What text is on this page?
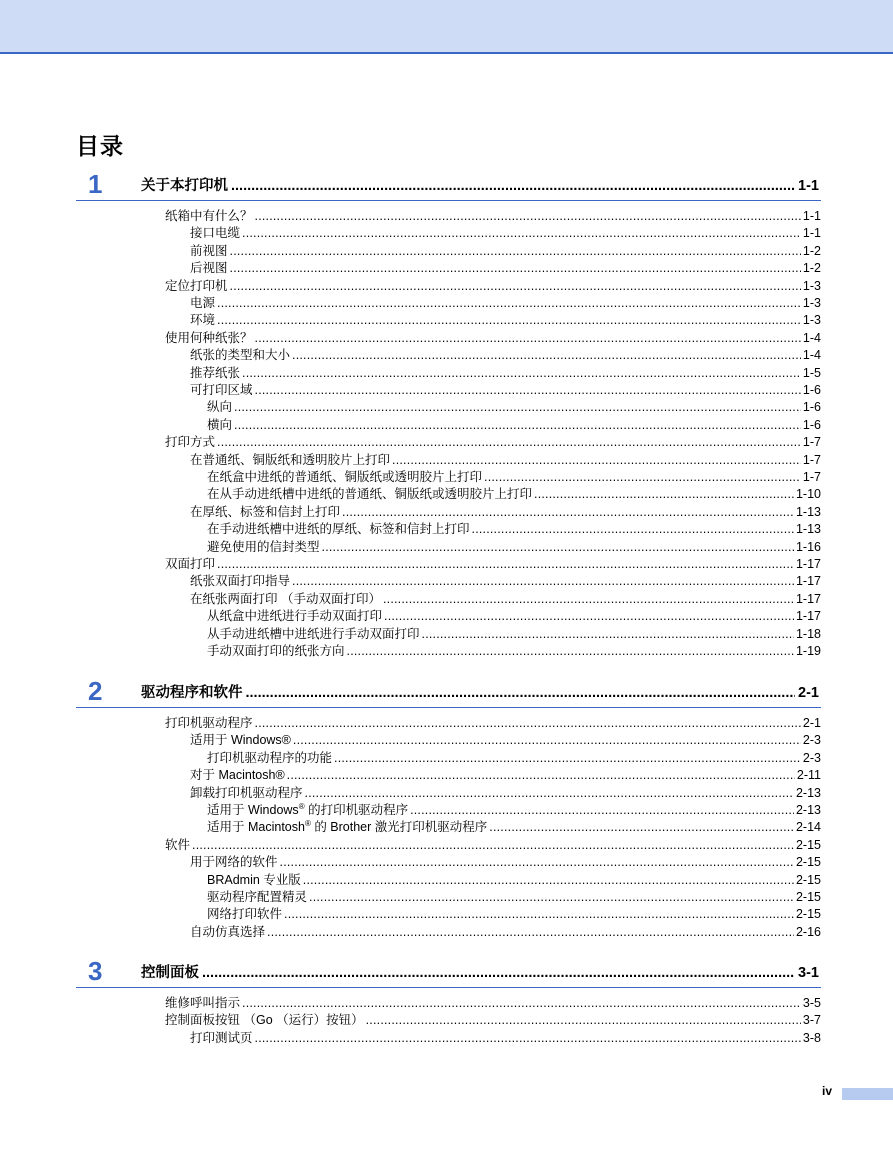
目录
1	关于本打印机 .....	1-1
纸箱中有什么？ .....	1-1
接口电缆 .....	1-1
前视图 .....	1-2
后视图 .....	1-2
定位打印机 .....	1-3
电源 .....	1-3
环境 .....	1-3
使用何种纸张？ .....	1-4
纸张的类型和大小 .....	1-4
推荐纸张 .....	1-5
可打印区域 .....	1-6
纵向 .....	1-6
横向 .....	1-6
打印方式 .....	1-7
在普通纸、铜版纸和透明胶片上打印 .....	1-7
在纸盒中进纸的普通纸、铜版纸或透明胶片上打印 .....	1-7
在从手动进纸槽中进纸的普通纸、铜版纸或透明胶片上打印 .....	1-10
在厚纸、标签和信封上打印 .....	1-13
在手动进纸槽中进纸的厚纸、标签和信封上打印 .....	1-13
避免使用的信封类型 .....	1-16
双面打印 .....	1-17
纸张双面打印指导 .....	1-17
在纸张两面打印 （手动双面打印） .....	1-17
从纸盒中进纸进行手动双面打印 .....	1-17
从手动进纸槽中进纸进行手动双面打印 .....	1-18
手动双面打印的纸张方向 .....	1-19
2	驱动程序和软件 .....	2-1
打印机驱动程序 .....	2-1
适用于 Windows® .....	2-3
打印机驱动程序的功能 .....	2-3
对于 Macintosh® .....	2-11
卸载打印机驱动程序 .....	2-13
适用于 Windows® 的打印机驱动程序 .....	2-13
适用于 Macintosh® 的 Brother 激光打印机驱动程序 .....	2-14
软件 .....	2-15
用于网络的软件 .....	2-15
BRAdmin 专业版 .....	2-15
驱动程序配置精灵 .....	2-15
网络打印软件 .....	2-15
自动仿真选择 .....	2-16
3	控制面板 .....	3-1
维修呼叫指示 .....	3-5
控制面板按钮 （Go （运行）按钮） .....	3-7
打印测试页 .....	3-8
iv
